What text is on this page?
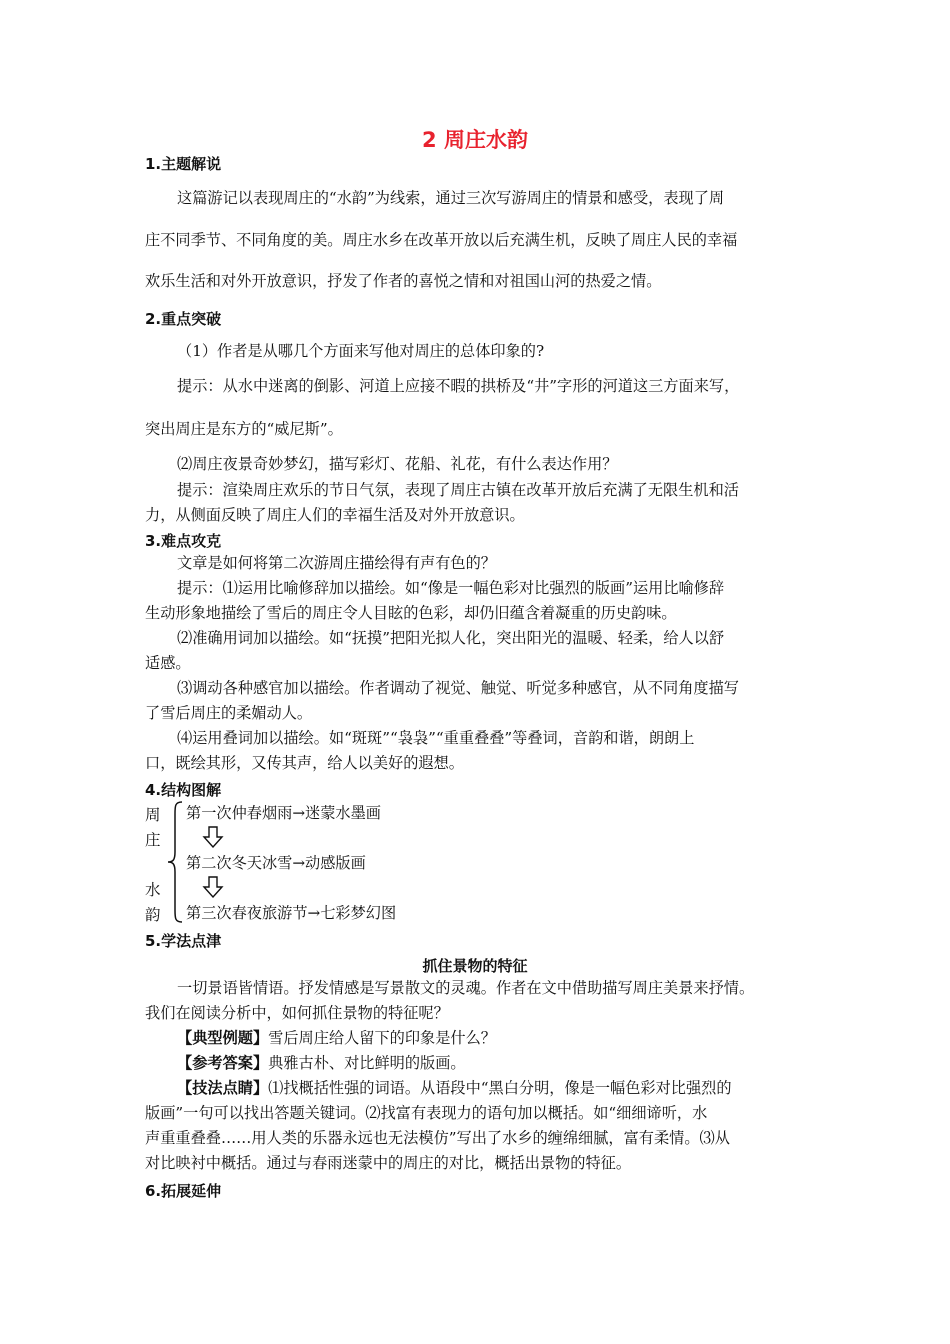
2 周庄水韵
1.主题解说
这篇游记以表现周庄的“水韵”为线索，通过三次写游周庄的情景和感受，表现了周
庄不同季节、不同角度的美。周庄水乡在改革开放以后充满生机，反映了周庄人民的幸福
欢乐生活和对外开放意识，抒发了作者的喜悦之情和对祖国山河的热爱之情。
2.重点突破
（1）作者是从哪几个方面来写他对周庄的总体印象的?
提示：从水中迷离的倒影、河道上应接不暇的拱桥及“井”字形的河道这三方面来写，
突出周庄是东方的“威尼斯”。
⑵周庄夜景奇妙梦幻，描写彩灯、花船、礼花，有什么表达作用？
提示：渲染周庄欢乐的节日气氛，表现了周庄古镇在改革开放后充满了无限生机和活
力，从侧面反映了周庄人们的幸福生活及对外开放意识。
3.难点攻克
文章是如何将第二次游周庄描绘得有声有色的？
提示：⑴运用比喻修辞加以描绘。如“像是一幅色彩对比强烈的版画”运用比喻修辞
生动形象地描绘了雪后的周庄令人目眩的色彩，却仍旧蕴含着凝重的历史韵味。
⑵准确用词加以描绘。如“抚摸”把阳光拟人化，突出阳光的温暖、轻柔，给人以舒
适感。
⑶调动各种感官加以描绘。作者调动了视觉、触觉、听觉多种感官，从不同角度描写
了雪后周庄的柔媚动人。
⑷运用叠词加以描绘。如“斑斑”“袅袅”“重重叠叠”等叠词，音韵和谐，朗朗上
口，既绘其形，又传其声，给人以美好的遐想。
4.结构图解
周
庄
水
韵
第一次仲春烟雨→迷蒙水墨画
第二次冬天冰雪→动感版画
第三次春夜旅游节→七彩梦幻图
5.学法点津
抓住景物的特征
一切景语皆情语。抒发情感是写景散文的灵魂。作者在文中借助描写周庄美景来抒情。
我们在阅读分析中，如何抓住景物的特征呢？
【典型例题】雪后周庄给人留下的印象是什么？
【参考答案】典雅古朴、对比鲜明的版画。
【技法点睛】⑴找概括性强的词语。从语段中“黑白分明，像是一幅色彩对比强烈的
版画”一句可以找出答题关键词。⑵找富有表现力的语句加以概括。如“细细谛听，水
声重重叠叠……用人类的乐器永远也无法模仿”写出了水乡的缠绵细腻，富有柔情。⑶从
对比映衬中概括。通过与春雨迷蒙中的周庄的对比，概括出景物的特征。
6.拓展延伸
